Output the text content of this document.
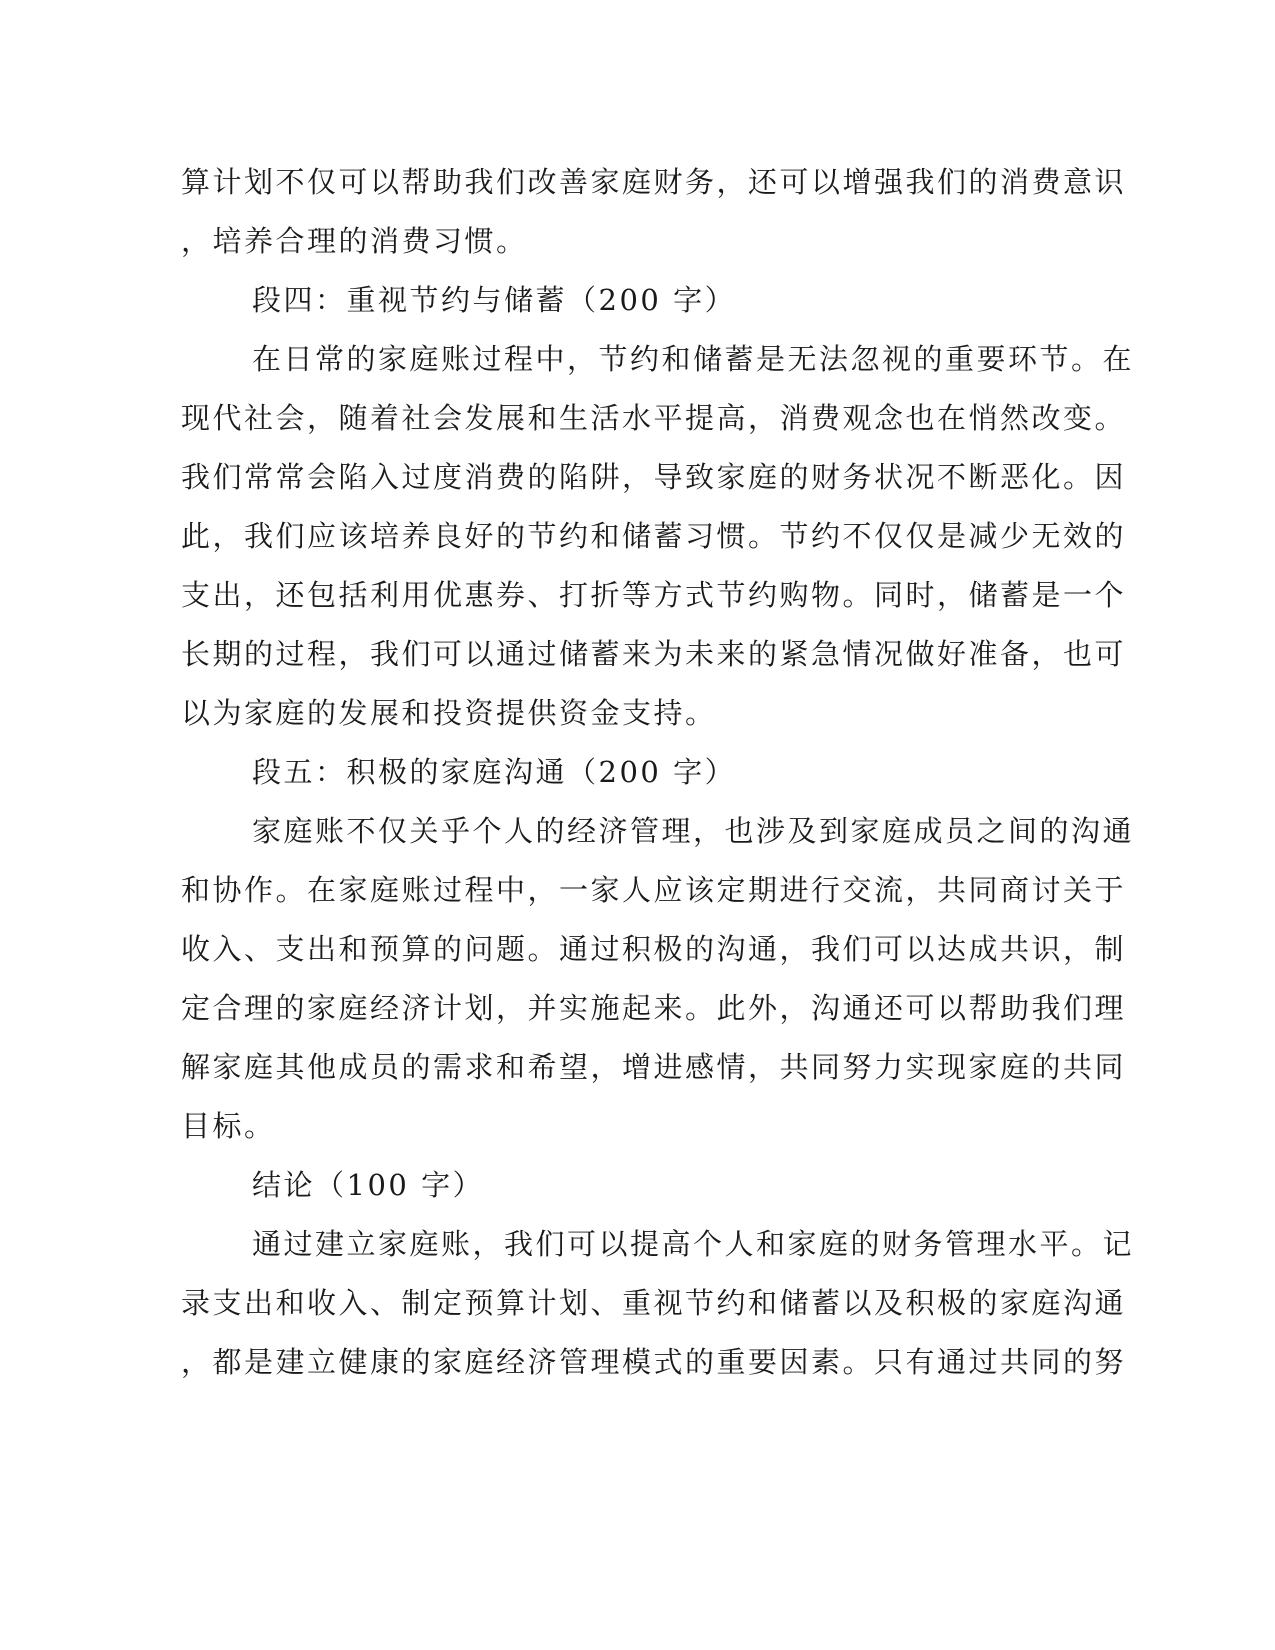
算计划不仅可以帮助我们改善家庭财务，还可以增强我们的消费意识
，培养合理的消费习惯。
段四：重视节约与储蓄（200 字）
在日常的家庭账过程中，节约和储蓄是无法忽视的重要环节。在
现代社会，随着社会发展和生活水平提高，消费观念也在悄然改变。
我们常常会陷入过度消费的陷阱，导致家庭的财务状况不断恶化。因
此，我们应该培养良好的节约和储蓄习惯。节约不仅仅是减少无效的
支出，还包括利用优惠券、打折等方式节约购物。同时，储蓄是一个
长期的过程，我们可以通过储蓄来为未来的紧急情况做好准备，也可
以为家庭的发展和投资提供资金支持。
段五：积极的家庭沟通（200 字）
家庭账不仅关乎个人的经济管理，也涉及到家庭成员之间的沟通
和协作。在家庭账过程中，一家人应该定期进行交流，共同商讨关于
收入、支出和预算的问题。通过积极的沟通，我们可以达成共识，制
定合理的家庭经济计划，并实施起来。此外，沟通还可以帮助我们理
解家庭其他成员的需求和希望，增进感情，共同努力实现家庭的共同
目标。
结论（100 字）
通过建立家庭账，我们可以提高个人和家庭的财务管理水平。记
录支出和收入、制定预算计划、重视节约和储蓄以及积极的家庭沟通
，都是建立健康的家庭经济管理模式的重要因素。只有通过共同的努
